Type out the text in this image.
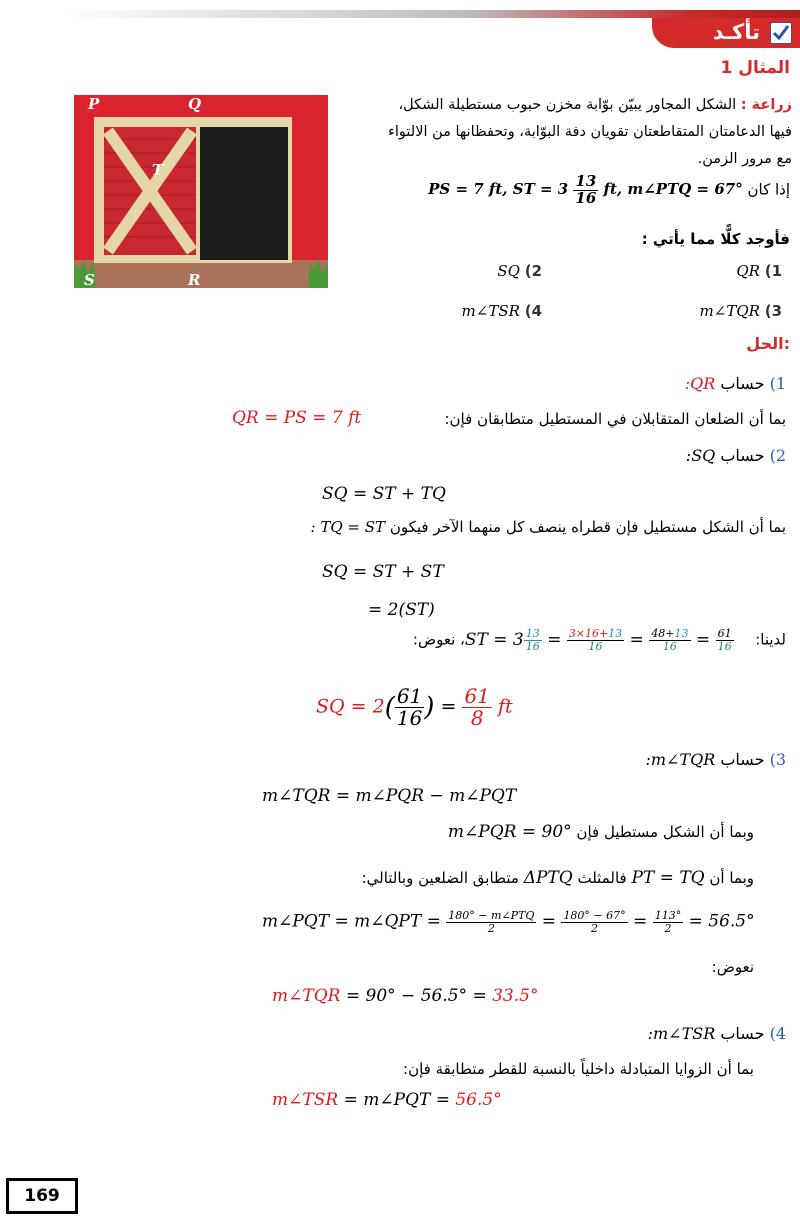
تأكـد
المثال 1
P	Q
T
S	R
زراعة : الشكل المجاور يبيّن بوّابة مخزن حبوب مستطيلة الشكل،
فيها الدعامتان المتقاطعتان تقويان دفة البوّابة، وتحفظانها من الالتواء
مع مرور الزمن.
إذا كان PS = 7 ft, ST = $3 \frac{13}{16}$ ft, m∠PTQ = 67°
فأوجد كلًّا مما يأتي :
1) QR
2) SQ
3) m∠TQR
4) m∠TSR
الحل:
1) حساب QR:
بما أن الضلعان المتقابلان في المستطيل متطابقان فإن:
QR = PS = 7 ft
2) حساب SQ:
SQ = ST + TQ
بما أن الشكل مستطيل فإن قطراه ينصف كل منهما الآخر فيكون TQ = ST :
SQ = ST + ST
= 2(ST)
لدينا:   ST = $3 \frac{13}{16} = \frac{3\times 16+13}{16} = \frac{48+13}{16} = \frac{61}{16}$
، نعوض:
SQ = $2( \frac{61}{16}$ ) = $\frac{61}{8}$ ft
3) حساب m∠TQR:
m∠TQR = m∠PQR − m∠PQT
وبما أن الشكل مستطيل فإن m∠PQR = 90°
وبما أن PT = TQ فالمثلث ΔPTQ متطابق الضلعين وبالتالي:
m∠PQT = m∠QPT = $\frac{\text{180° − m∠PTQ}}{2} = \frac{180^\circ - 67^\circ}{2} = \frac{113^\circ}{2} = 56.5^\circ$
نعوض:
m∠TQR = 90° − 56.5° = 33.5°
4) حساب m∠TSR:
بما أن الزوايا المتبادلة داخلياً بالنسبة للقطر متطابقة فإن:
m∠TSR = m∠PQT = 56.5°
169
